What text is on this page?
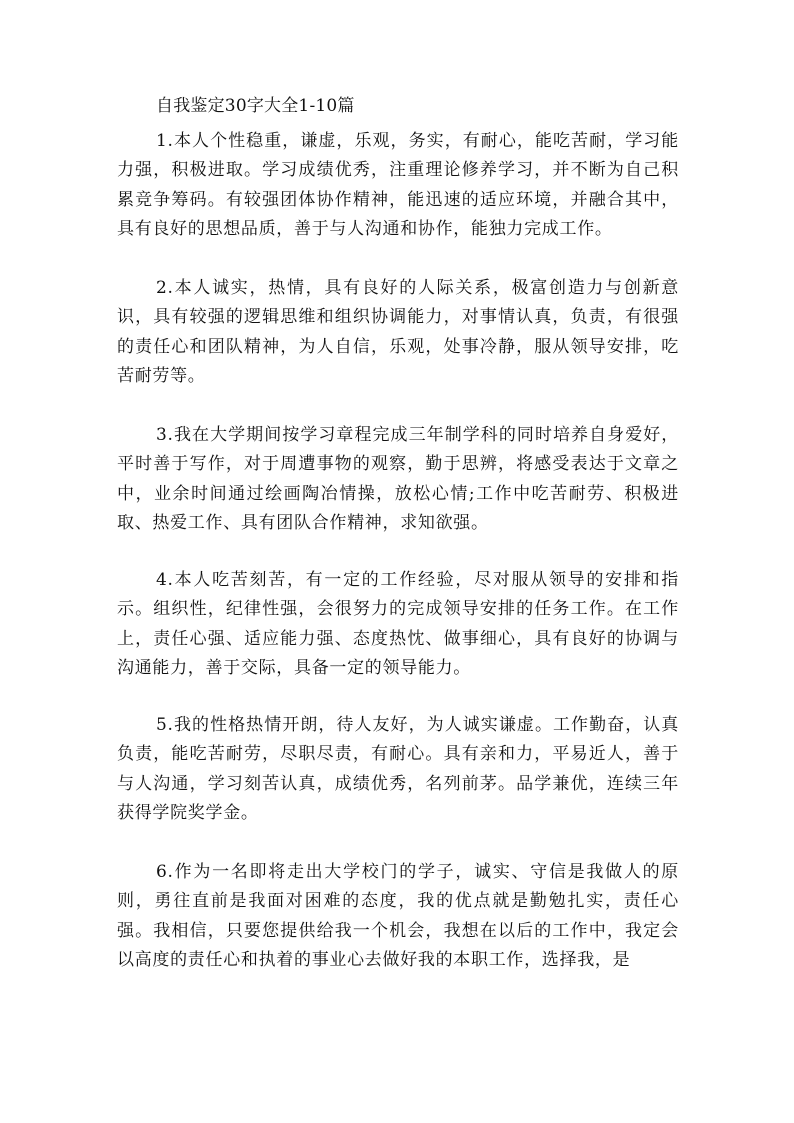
自我鉴定30字大全1-10篇

1.本人个性稳重，谦虚，乐观，务实，有耐心，能吃苦耐，学习能力强，积极进取。学习成绩优秀，注重理论修养学习，并不断为自己积累竞争筹码。有较强团体协作精神，能迅速的适应环境，并融合其中，具有良好的思想品质，善于与人沟通和协作，能独力完成工作。

2.本人诚实，热情，具有良好的人际关系，极富创造力与创新意识，具有较强的逻辑思维和组织协调能力，对事情认真，负责，有很强的责任心和团队精神，为人自信，乐观，处事冷静，服从领导安排，吃苦耐劳等。

3.我在大学期间按学习章程完成三年制学科的同时培养自身爱好，平时善于写作，对于周遭事物的观察，勤于思辨，将感受表达于文章之中，业余时间通过绘画陶冶情操，放松心情;工作中吃苦耐劳、积极进取、热爱工作、具有团队合作精神，求知欲强。

4.本人吃苦刻苦，有一定的工作经验，尽对服从领导的安排和指示。组织性，纪律性强，会很努力的完成领导安排的任务工作。在工作上，责任心强、适应能力强、态度热忱、做事细心，具有良好的协调与沟通能力，善于交际，具备一定的领导能力。

5.我的性格热情开朗，待人友好，为人诚实谦虚。工作勤奋，认真负责，能吃苦耐劳，尽职尽责，有耐心。具有亲和力，平易近人，善于与人沟通，学习刻苦认真，成绩优秀，名列前茅。品学兼优，连续三年获得学院奖学金。

6.作为一名即将走出大学校门的学子，诚实、守信是我做人的原则，勇往直前是我面对困难的态度，我的优点就是勤勉扎实，责任心强。我相信，只要您提供给我一个机会，我想在以后的工作中，我定会以高度的责任心和执着的事业心去做好我的本职工作，选择我，是
